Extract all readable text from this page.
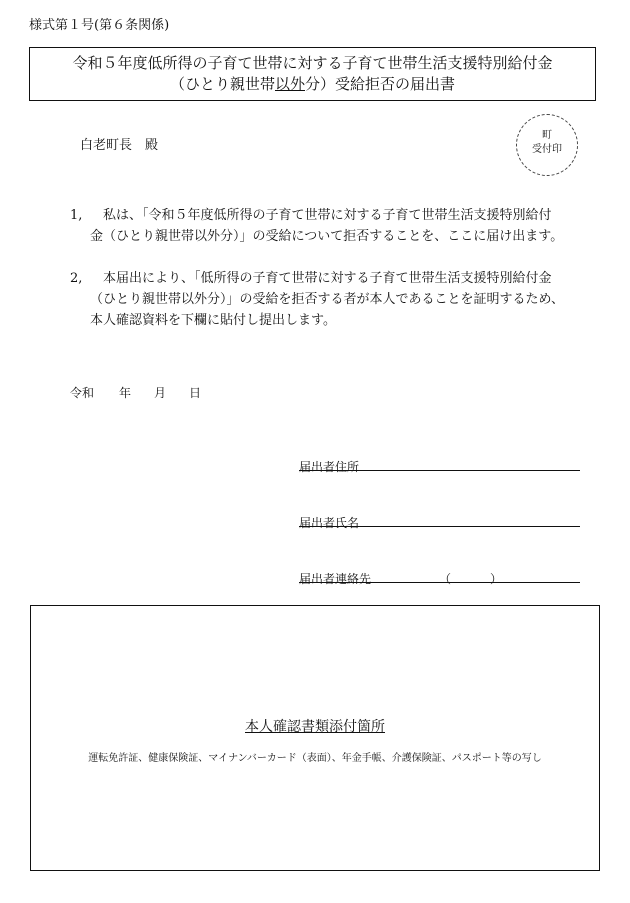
様式第１号(第６条関係)
令和５年度低所得の子育て世帯に対する子育て世帯生活支援特別給付金
（ひとり親世帯以外分）受給拒否の届出書
白老町長　殿
町
受付印
1,	私は、「令和５年度低所得の子育て世帯に対する子育て世帯生活支援特別給付
金（ひとり親世帯以外分）」の受給について拒否することを、ここに届け出ます。
2,	本届出により、「低所得の子育て世帯に対する子育て世帯生活支援特別給付金
（ひとり親世帯以外分）」の受給を拒否する者が本人であることを証明するため、
本人確認資料を下欄に貼付し提出します。
令和 年 月 日
届出者住所
届出者氏名
届出者連絡先	（	）
本人確認書類添付箇所
運転免許証、健康保険証、マイナンバーカード（表面）、年金手帳、介護保険証、パスポート等の写し
